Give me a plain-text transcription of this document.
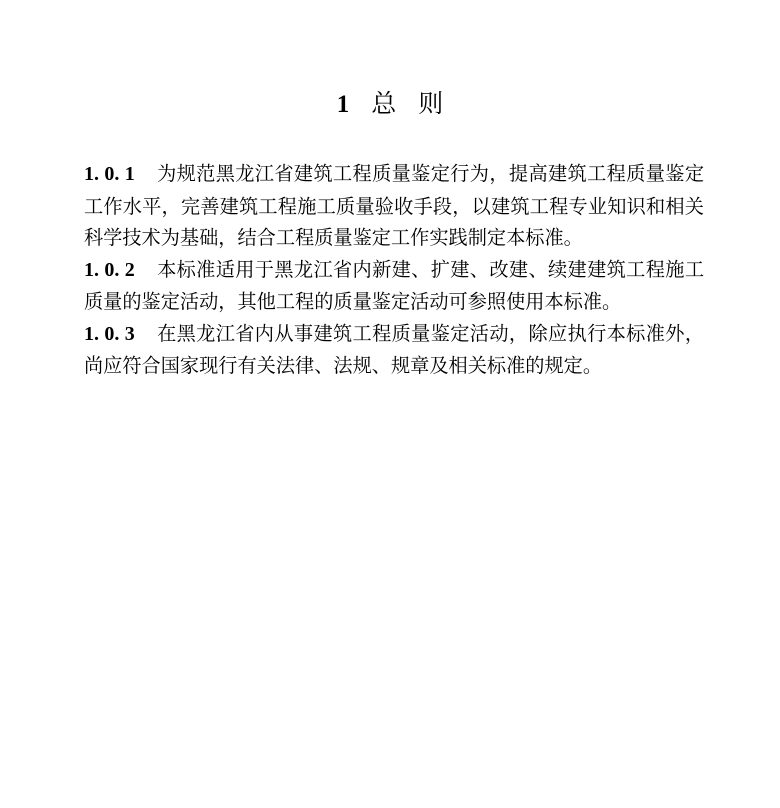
1 总则

1. 0. 1 为规范黑龙江省建筑工程质量鉴定行为，提高建筑工程质量鉴定工作水平，完善建筑工程施工质量验收手段，以建筑工程专业知识和相关科学技术为基础，结合工程质量鉴定工作实践制定本标准。

1. 0. 2 本标准适用于黑龙江省内新建、扩建、改建、续建建筑工程施工质量的鉴定活动，其他工程的质量鉴定活动可参照使用本标准。

1. 0. 3 在黑龙江省内从事建筑工程质量鉴定活动，除应执行本标准外，尚应符合国家现行有关法律、法规、规章及相关标准的规定。
